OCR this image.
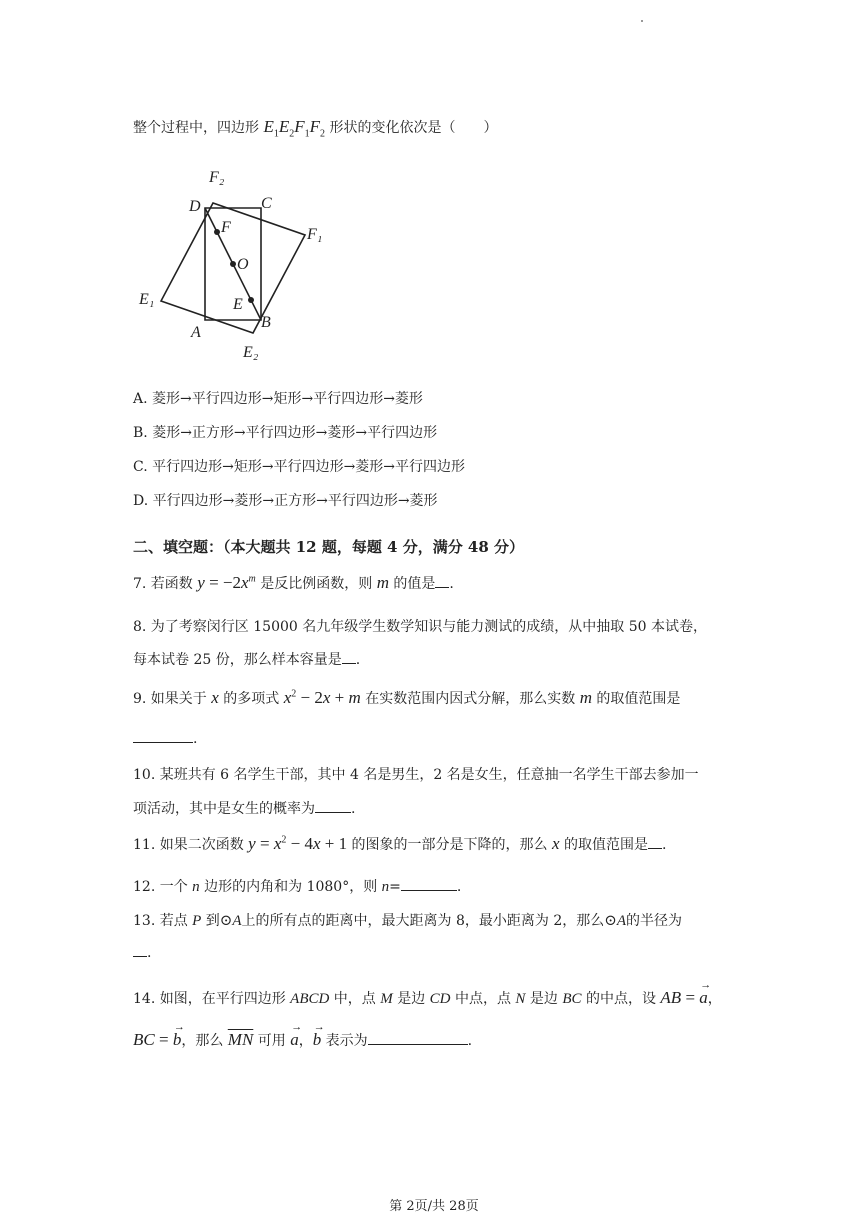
整个过程中，四边形 $E_1E_2F_1F_2$ 形状的变化依次是（　　）
F₂
D	C
F	F₁
O
E₁	E
B
A
E₂
A. 菱形→平行四边形→矩形→平行四边形→菱形
B. 菱形→正方形→平行四边形→菱形→平行四边形
C. 平行四边形→矩形→平行四边形→菱形→平行四边形
D. 平行四边形→菱形→正方形→平行四边形→菱形
二、填空题：（本大题共 12 题，每题 4 分，满分 48 分）
7. 若函数 $y = -2x^m$ 是反比例函数，则 m 的值是 .
8. 为了考察闵行区 15000 名九年级学生数学知识与能力测试的成绩，从中抽取 50 本试卷，
每本试卷 25 份，那么样本容量是 .
9. 如果关于 x 的多项式 $x^2 - 2x + m$ 在实数范围内因式分解，那么实数 m 的取值范围是
.
10. 某班共有 6 名学生干部，其中 4 名是男生，2 名是女生，任意抽一名学生干部去参加一
项活动，其中是女生的概率为	.
11. 如果二次函数 $y = x^2 - 4x + 1$ 的图象的一部分是下降的，那么 x 的取值范围是 .
12. 一个 n 边形的内角和为 1080°，则 n=	.
13. 若点 P 到⊙A上的所有点的距离中，最大距离为 8，最小距离为 2，那么⊙A的半径为
.
14. 如图，在平行四边形 ABCD 中，点 M 是边 CD 中点，点 N 是边 BC 的中点，设 AB = a
→
，
BC = b
→
，那么 $\overline{MN}$ 可用 a
→
，b
→
表示为	.
第 2页/共 28页
